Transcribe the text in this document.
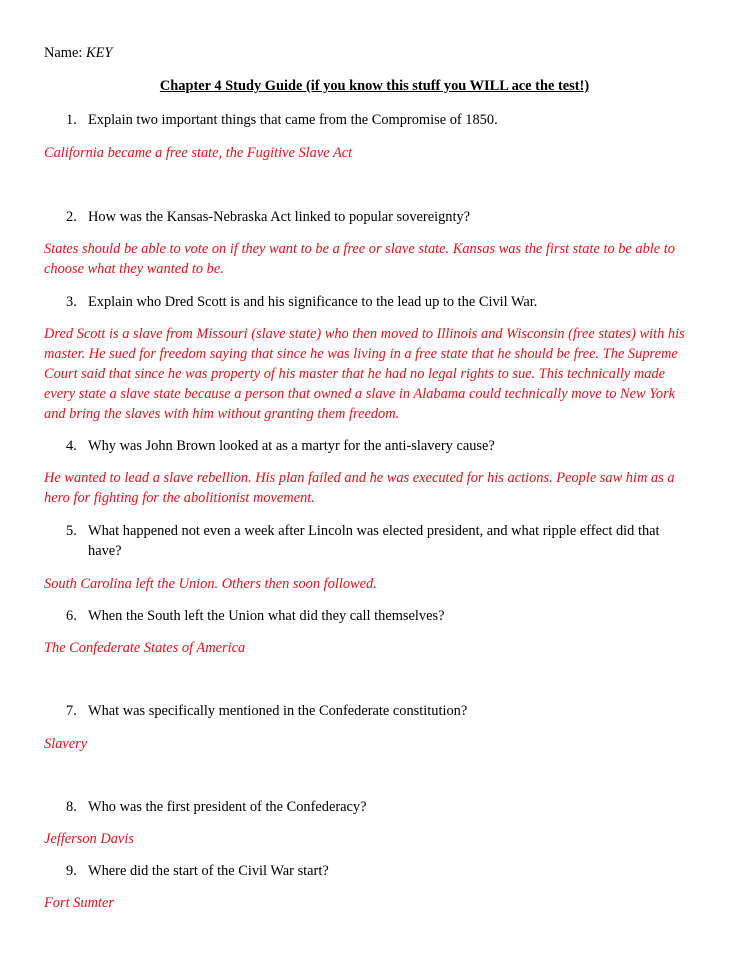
Name: KEY
Chapter 4 Study Guide (if you know this stuff you WILL ace the test!)
1. Explain two important things that came from the Compromise of 1850.
California became a free state, the Fugitive Slave Act
2. How was the Kansas-Nebraska Act linked to popular sovereignty?
States should be able to vote on if they want to be a free or slave state. Kansas was the first state to be able to
choose what they wanted to be.
3. Explain who Dred Scott is and his significance to the lead up to the Civil War.
Dred Scott is a slave from Missouri (slave state) who then moved to Illinois and Wisconsin (free states) with his
master. He sued for freedom saying that since he was living in a free state that he should be free. The Supreme
Court said that since he was property of his master that he had no legal rights to sue. This technically made
every state a slave state because a person that owned a slave in Alabama could technically move to New York
and bring the slaves with him without granting them freedom.
4. Why was John Brown looked at as a martyr for the anti-slavery cause?
He wanted to lead a slave rebellion. His plan failed and he was executed for his actions. People saw him as a
hero for fighting for the abolitionist movement.
5. What happened not even a week after Lincoln was elected president, and what ripple effect did that
have?
South Carolina left the Union. Others then soon followed.
6. When the South left the Union what did they call themselves?
The Confederate States of America
7. What was specifically mentioned in the Confederate constitution?
Slavery
8. Who was the first president of the Confederacy?
Jefferson Davis
9. Where did the start of the Civil War start?
Fort Sumter
